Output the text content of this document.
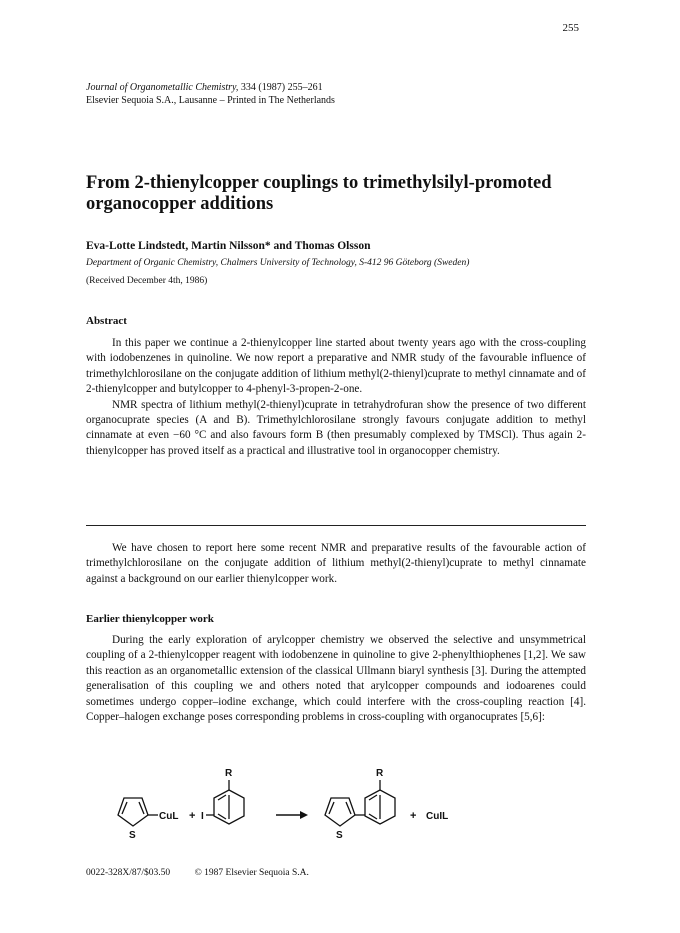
255
Journal of Organometallic Chemistry, 334 (1987) 255–261
Elsevier Sequoia S.A., Lausanne – Printed in The Netherlands
From 2-thienylcopper couplings to trimethylsilyl-promoted organocopper additions
Eva-Lotte Lindstedt, Martin Nilsson* and Thomas Olsson
Department of Organic Chemistry, Chalmers University of Technology, S-412 96 Göteborg (Sweden)
(Received December 4th, 1986)
Abstract

In this paper we continue a 2-thienylcopper line started about twenty years ago with the cross-coupling with iodobenzenes in quinoline. We now report a preparative and NMR study of the favourable influence of trimethylchlorosilane on the conjugate addition of lithium methyl(2-thienyl)cuprate to methyl cinnamate and of 2-thienylcopper and butylcopper to 4-phenyl-3-propen-2-one.

NMR spectra of lithium methyl(2-thienyl)cuprate in tetrahydrofuran show the presence of two different organocuprate species (A and B). Trimethylchlorosilane strongly favours conjugate addition to methyl cinnamate at even −60 °C and also favours form B (then presumably complexed by TMSCl). Thus again 2-thienylcopper has proved itself as a practical and illustrative tool in organocopper chemistry.

We have chosen to report here some recent NMR and preparative results of the favourable action of trimethylchlorosilane on the conjugate addition of lithium methyl(2-thienyl)cuprate to methyl cinnamate against a background on our earlier thienylcopper work.

Earlier thienylcopper work

During the early exploration of arylcopper chemistry we observed the selective and unsymmetrical coupling of a 2-thienylcopper reagent with iodobenzene in quinoline to give 2-phenylthiophenes [1,2]. We saw this reaction as an organometallic extension of the classical Ullmann biaryl synthesis [3]. During the attempted generalisation of this coupling we and others noted that arylcopper compounds and iodoarenes could sometimes undergo copper–iodine exchange, which could interfere with the cross-coupling reaction [4]. Copper–halogen exchange poses corresponding problems in cross-coupling with organocuprates [5,6]:

S
CuL + I
R
S
R
+ CuIL
0022-328X/87/$03.50	© 1987 Elsevier Sequoia S.A.
